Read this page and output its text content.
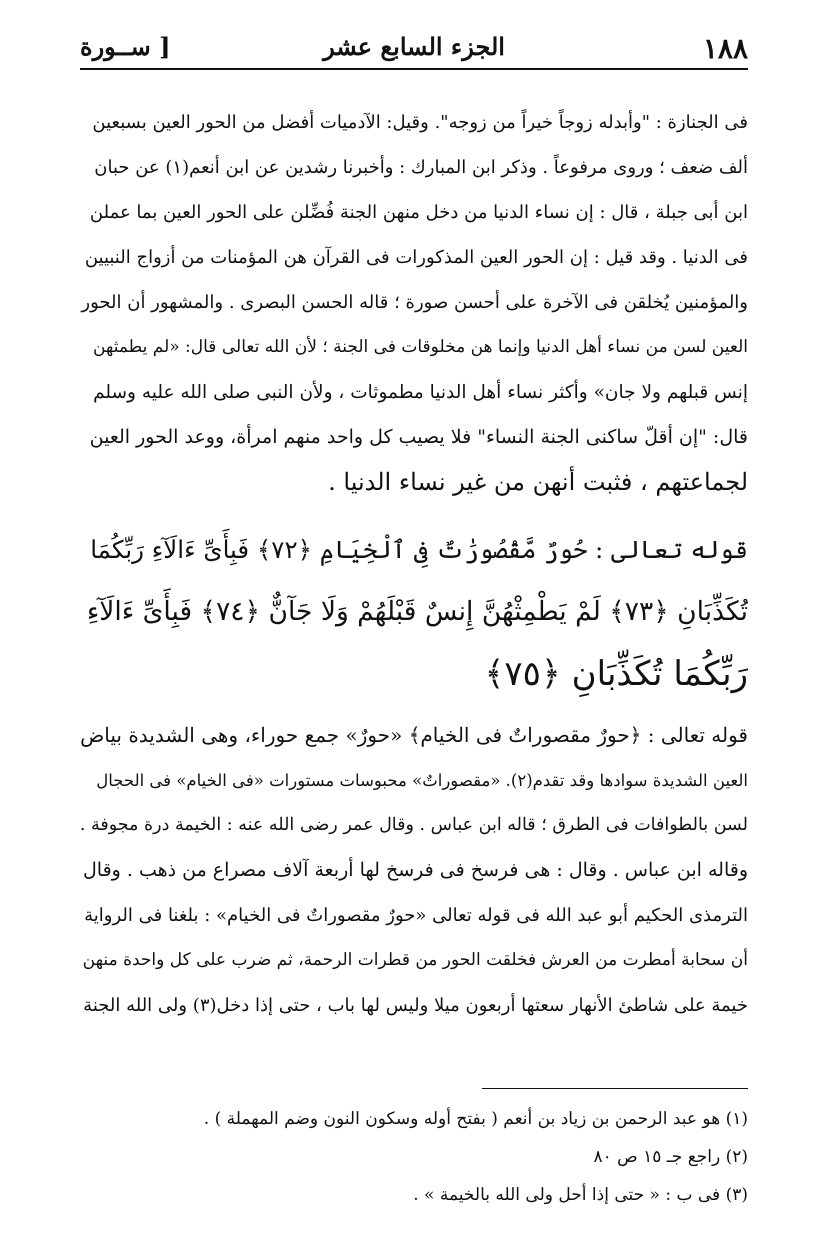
١٨٨
الجزء السابع عشر
[ ســورة
فى الجنازة : "وأبدله زوجاً خيراً من زوجه". وقيل: الآدميات أفضل من الحور العين بسبعين
ألف ضعف ؛ وروى مرفوعاً . وذكر ابن المبارك : وأخبرنا رشدين عن ابن أنعم(١) عن حبان
ابن أبى جبلة ، قال : إن نساء الدنيا من دخل منهن الجنة فُضِّلن على الحور العين بما عملن
فى الدنيا . وقد قيل : إن الحور العين المذكورات فى القرآن هن المؤمنات من أزواج النبيين
والمؤمنين يُخلقن فى الآخرة على أحسن صورة ؛ قاله الحسن البصرى . والمشهور أن الحور
العين لسن من نساء أهل الدنيا وإنما هن مخلوقات فى الجنة ؛ لأن الله تعالى قال: «لم يطمثهن
إنس قبلهم ولا جان» وأكثر نساء أهل الدنيا مطموثات ، ولأن النبى صلى الله عليه وسلم
قال: "إن أقلّ ساكنى الجنة النساء" فلا يصيب كل واحد منهم امرأة، ووعد الحور العين
لجماعتهم ، فثبت أنهن من غير نساء الدنيا .
قوله تعالى : حُورٌ مَّقْصُورَٰتٌ فِى ٱلْخِيَامِ ﴿٧٢﴾ فَبِأَىِّ ءَالَآءِ رَبِّكُمَا
تُكَذِّبَانِ ﴿٧٣﴾ لَمْ يَطْمِثْهُنَّ إِنسٌ قَبْلَهُمْ وَلَا جَآنٌّ ﴿٧٤﴾ فَبِأَىِّ ءَالَآءِ
رَبِّكُمَا تُكَذِّبَانِ ﴿٧٥﴾
قوله تعالى : ﴿حورٌ مقصوراتٌ فى الخيام﴾ «حورٌ» جمع حوراء، وهى الشديدة بياض
العين الشديدة سوادها وقد تقدم(٢). «مقصوراتٌ» محبوسات مستورات «فى الخيام» فى الحجال
لسن بالطوافات فى الطرق ؛ قاله ابن عباس . وقال عمر رضى الله عنه : الخيمة درة مجوفة .
وقاله ابن عباس . وقال : هى فرسخ فى فرسخ لها أربعة آلاف مصراع من ذهب . وقال
الترمذى الحكيم أبو عبد الله فى قوله تعالى «حورٌ مقصوراتٌ فى الخيام» : بلغنا فى الرواية
أن سحابة أمطرت من العرش فخلقت الحور من قطرات الرحمة، ثم ضرب على كل واحدة منهن
خيمة على شاطئ الأنهار سعتها أربعون ميلا وليس لها باب ، حتى إذا دخل(٣) ولى الله الجنة
(١) هو عبد الرحمن بن زياد بن أنعم ( بفتح أوله وسكون النون وضم المهملة ) .
(٢) راجع جـ ١٥ ص ٨٠
(٣) فى ب : « حتى إذا أحل ولى الله بالخيمة » .
